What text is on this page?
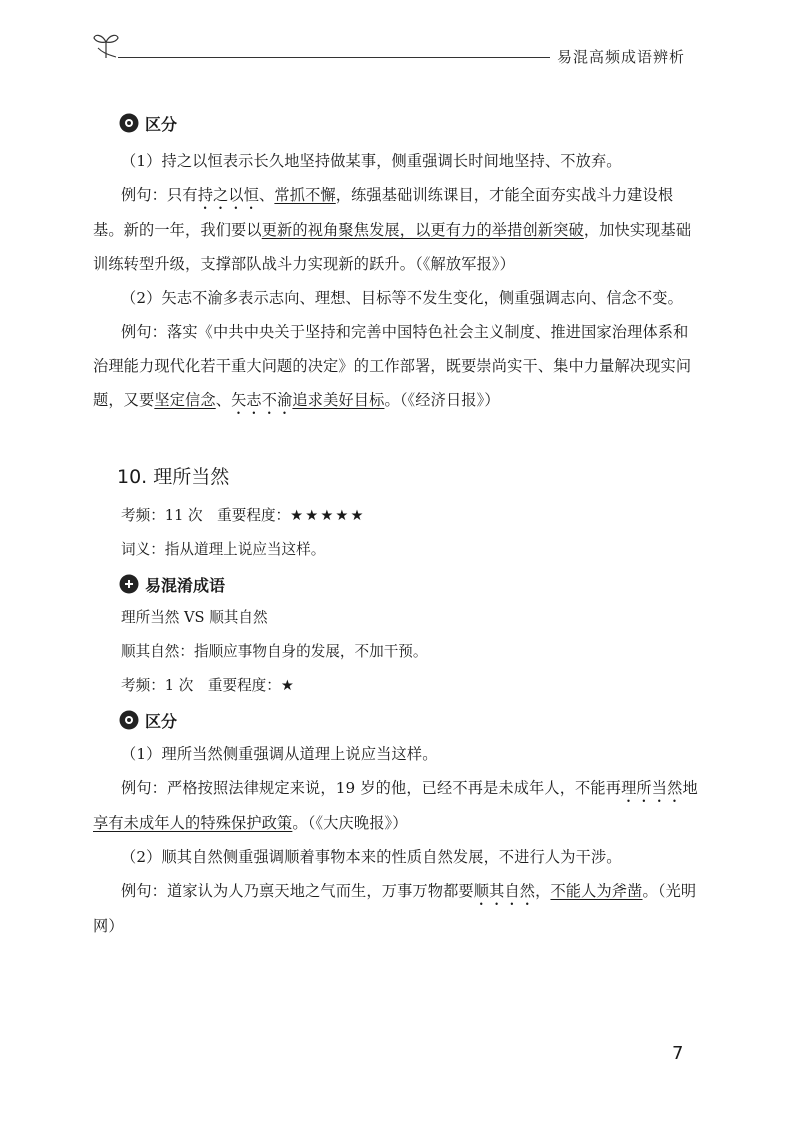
易混高频成语辨析
区分
（1）持之以恒表示长久地坚持做某事，侧重强调长时间地坚持、不放弃。
例句：只有持之以恒、常抓不懈，练强基础训练课目，才能全面夯实战斗力建设根基。新的一年，我们要以更新的视角聚焦发展，以更有力的举措创新突破，加快实现基础训练转型升级，支撑部队战斗力实现新的跃升。（《解放军报》）
（2）矢志不渝多表示志向、理想、目标等不发生变化，侧重强调志向、信念不变。
例句：落实《中共中央关于坚持和完善中国特色社会主义制度、推进国家治理体系和治理能力现代化若干重大问题的决定》的工作部署，既要崇尚实干、集中力量解决现实问题，又要坚定信念、矢志不渝追求美好目标。（《经济日报》）
10. 理所当然
考频：11 次　重要程度：★★★★★
词义：指从道理上说应当这样。
易混淆成语
理所当然 VS 顺其自然
顺其自然：指顺应事物自身的发展，不加干预。
考频：1 次　重要程度：★
区分
（1）理所当然侧重强调从道理上说应当这样。
例句：严格按照法律规定来说，19 岁的他，已经不再是未成年人，不能再理所当然地享有未成年人的特殊保护政策。（《大庆晚报》）
（2）顺其自然侧重强调顺着事物本来的性质自然发展，不进行人为干涉。
例句：道家认为人乃禀天地之气而生，万事万物都要顺其自然，不能人为斧凿。（光明网）
7
